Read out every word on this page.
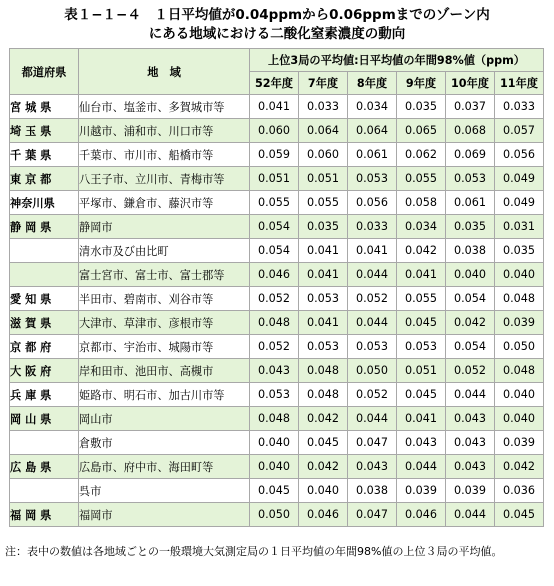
表１−１−４　１日平均値が0.04ppmから0.06ppmまでのゾーン内
にある地域における二酸化窒素濃度の動向
都道府県	地　域	上位3局の平均値:日平均値の年間98%値（ppm）					
		52年度	7年度	8年度	9年度	10年度	11年度
宮 城 県	仙台市、塩釜市、多賀城市等	0.041	0.033	0.034	0.035	0.037	0.033
埼 玉 県	川越市、浦和市、川口市等	0.060	0.064	0.064	0.065	0.068	0.057
千 葉 県	千葉市、市川市、船橋市等	0.059	0.060	0.061	0.062	0.069	0.056
東 京 都	八王子市、立川市、青梅市等	0.051	0.051	0.053	0.055	0.053	0.049
神奈川県	平塚市、鎌倉市、藤沢市等	0.055	0.055	0.056	0.058	0.061	0.049
静 岡 県	静岡市	0.054	0.035	0.033	0.034	0.035	0.031
	清水市及び由比町	0.054	0.041	0.041	0.042	0.038	0.035
	富士宮市、富士市、富士郡等	0.046	0.041	0.044	0.041	0.040	0.040
愛 知 県	半田市、碧南市、刈谷市等	0.052	0.053	0.052	0.055	0.054	0.048
滋 賀 県	大津市、草津市、彦根市等	0.048	0.041	0.044	0.045	0.042	0.039
京 都 府	京都市、宇治市、城陽市等	0.052	0.053	0.053	0.053	0.054	0.050
大 阪 府	岸和田市、池田市、高槻市	0.043	0.048	0.050	0.051	0.052	0.048
兵 庫 県	姫路市、明石市、加古川市等	0.053	0.048	0.052	0.045	0.044	0.040
岡 山 県	岡山市	0.048	0.042	0.044	0.041	0.043	0.040
	倉敷市	0.040	0.045	0.047	0.043	0.043	0.039
広 島 県	広島市、府中市、海田町等	0.040	0.042	0.043	0.044	0.043	0.042
	呉市	0.045	0.040	0.038	0.039	0.039	0.036
福 岡 県	福岡市	0.050	0.046	0.047	0.046	0.044	0.045
注：表中の数値は各地域ごとの一般環境大気測定局の１日平均値の年間98%値の上位３局の平均値。
